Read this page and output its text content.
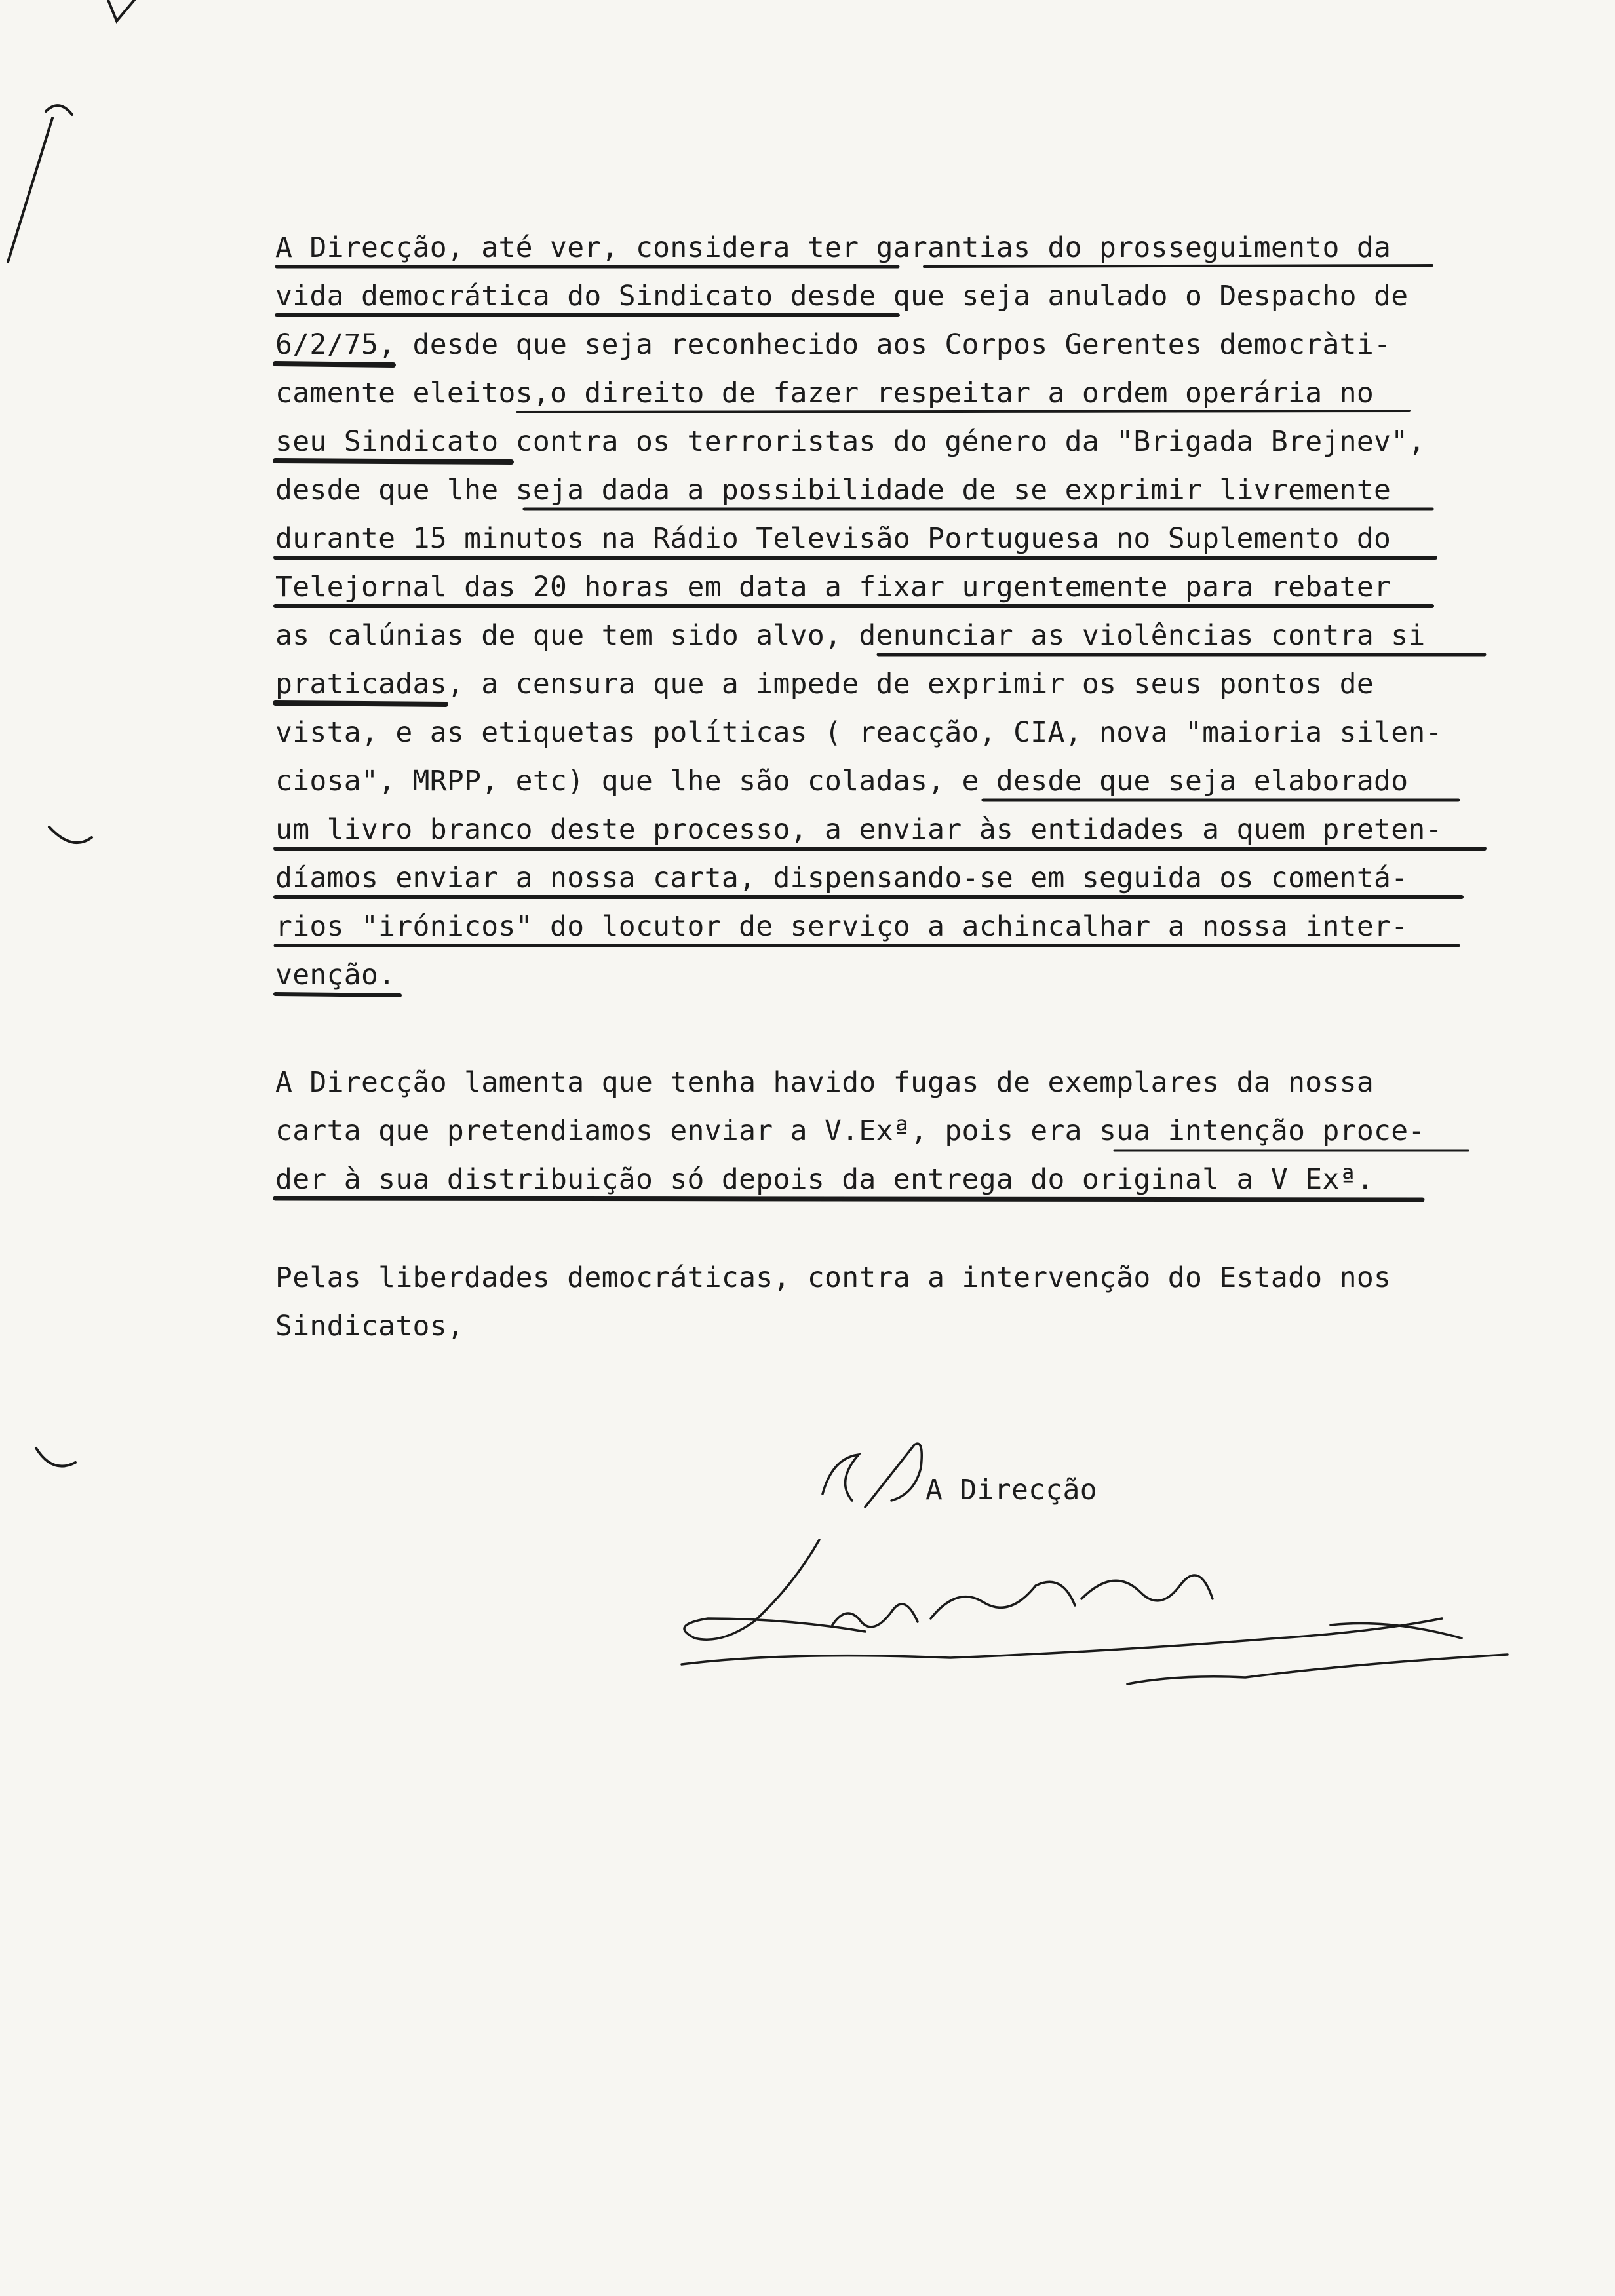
A Direcção, até ver, considera ter garantias do prosseguimento da
vida democrática do Sindicato desde que seja anulado o Despacho de
6/2/75, desde que seja reconhecido aos Corpos Gerentes democràti-
camente eleitos,o direito de fazer respeitar a ordem operária no
seu Sindicato contra os terroristas do género da "Brigada Brejnev",
desde que lhe seja dada a possibilidade de se exprimir livremente
durante 15 minutos na Rádio Televisão Portuguesa no Suplemento do
Telejornal das 20 horas em data a fixar urgentemente para rebater
as calúnias de que tem sido alvo, denunciar as violências contra si
praticadas, a censura que a impede de exprimir os seus pontos de
vista, e as etiquetas políticas ( reacção, CIA, nova "maioria silen-
ciosa", MRPP, etc) que lhe são coladas, e desde que seja elaborado
um livro branco deste processo, a enviar às entidades a quem preten-
díamos enviar a nossa carta, dispensando-se em seguida os comentá-
rios "irónicos" do locutor de serviço a achincalhar a nossa inter-
venção.
A Direcção lamenta que tenha havido fugas de exemplares da nossa
carta que pretendiamos enviar a V.Exª, pois era sua intenção proce-
der à sua distribuição só depois da entrega do original a V Exª.
Pelas liberdades democráticas, contra a intervenção do Estado nos
Sindicatos,
A Direcção
